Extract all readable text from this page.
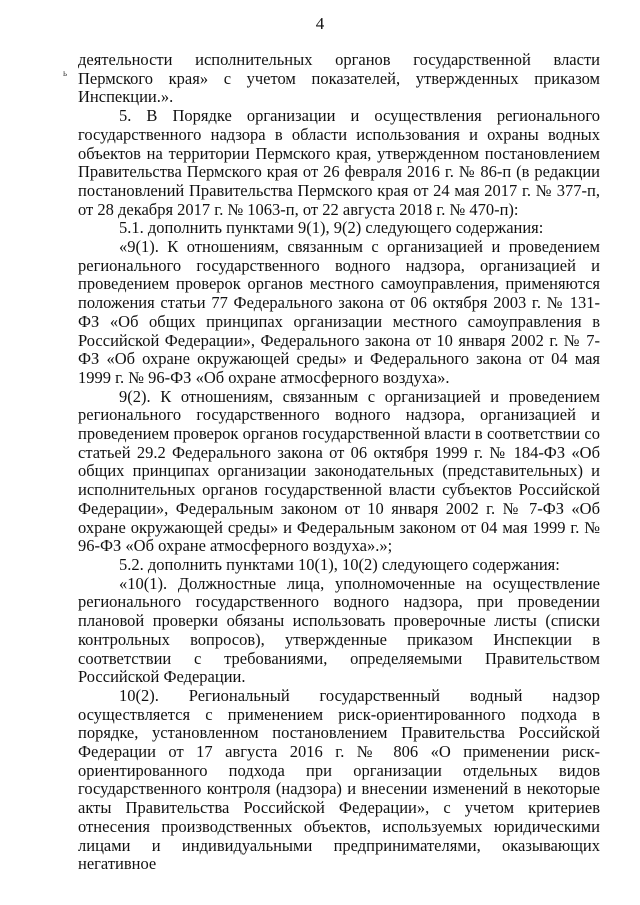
4
ь

деятельности исполнительных органов государственной власти Пермского края» с учетом показателей, утвержденных приказом Инспекции.».

5. В Порядке организации и осуществления регионального государственного надзора в области использования и охраны водных объектов на территории Пермского края, утвержденном постановлением Правительства Пермского края от 26 февраля 2016 г. № 86-п (в редакции постановлений Правительства Пермского края от 24 мая 2017 г. № 377-п, от 28 декабря 2017 г. № 1063-п, от 22 августа 2018 г. № 470-п):

5.1. дополнить пунктами 9(1), 9(2) следующего содержания:

«9(1). К отношениям, связанным с организацией и проведением регионального государственного водного надзора, организацией и проведением проверок органов местного самоуправления, применяются положения статьи 77 Федерального закона от 06 октября 2003 г. № 131-ФЗ «Об общих принципах организации местного самоуправления в Российской Федерации», Федерального закона от 10 января 2002 г. № 7-ФЗ «Об охране окружающей среды» и Федерального закона от 04 мая 1999 г. № 96-ФЗ «Об охране атмосферного воздуха».

9(2). К отношениям, связанным с организацией и проведением регионального государственного водного надзора, организацией и проведением проверок органов государственной власти в соответствии со статьей 29.2 Федерального закона от 06 октября 1999 г. № 184-ФЗ «Об общих принципах организации законодательных (представительных) и исполнительных органов государственной власти субъектов Российской Федерации», Федеральным законом от 10 января 2002 г. № 7-ФЗ «Об охране окружающей среды» и Федеральным законом от 04 мая 1999 г. № 96-ФЗ «Об охране атмосферного воздуха».»;

5.2. дополнить пунктами 10(1), 10(2) следующего содержания:

«10(1). Должностные лица, уполномоченные на осуществление регионального государственного водного надзора, при проведении плановой проверки обязаны использовать проверочные листы (списки контрольных вопросов), утвержденные приказом Инспекции в соответствии с требованиями, определяемыми Правительством Российской Федерации.

10(2). Региональный государственный водный надзор осуществляется с применением риск-ориентированного подхода в порядке, установленном постановлением Правительства Российской Федерации от 17 августа 2016 г. № 806 «О применении риск-ориентированного подхода при организации отдельных видов государственного контроля (надзора) и внесении изменений в некоторые акты Правительства Российской Федерации», с учетом критериев отнесения производственных объектов, используемых юридическими лицами и индивидуальными предпринимателями, оказывающих негативное
